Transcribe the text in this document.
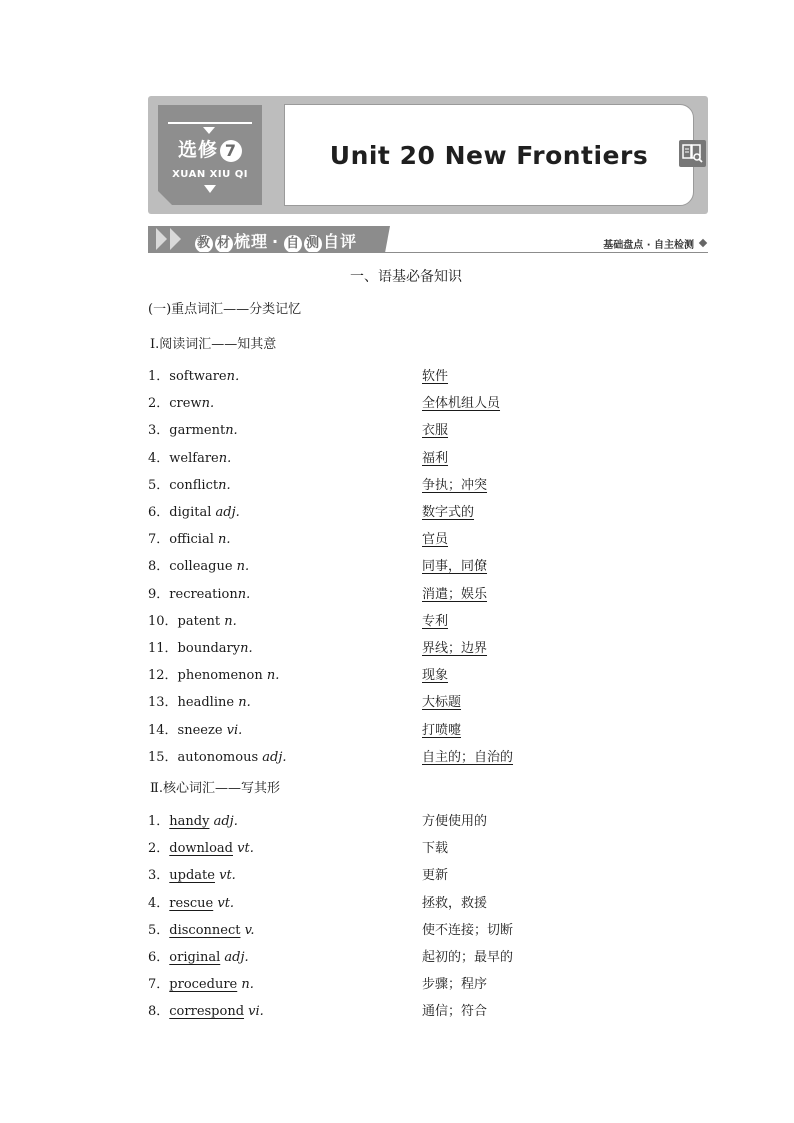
选修 7
XUAN XIU QI
Unit 20 New Frontiers
教 材 梳理 · 自 测 自评	基础盘点 · 自主检测
一、语基必备知识
(一)重点词汇——分类记忆
Ⅰ.阅读词汇——知其意
1．softwaren．	软件
2．crewn.	全体机组人员
3．garmentn.	衣服
4．welfaren.	福利
5．conflictn.	争执；冲突
6．digital adj.	数字式的
7．official n.	官员
8．colleague n.	同事，同僚
9．recreationn.	消遣；娱乐
10．patent n.	专利
11．boundaryn.	界线；边界
12．phenomenon n.	现象
13．headline n.	大标题
14．sneeze vi.	打喷嚏
15．autonomous adj.	自主的；自治的
Ⅱ.核心词汇——写其形
1．handy adj.	方便使用的
2．download vt.	下载
3．update vt.	更新
4．rescue vt.	拯救，救援
5．disconnect v.	使不连接；切断
6．original adj.	起初的；最早的
7．procedure n.	步骤；程序
8．correspond vi.	通信；符合
